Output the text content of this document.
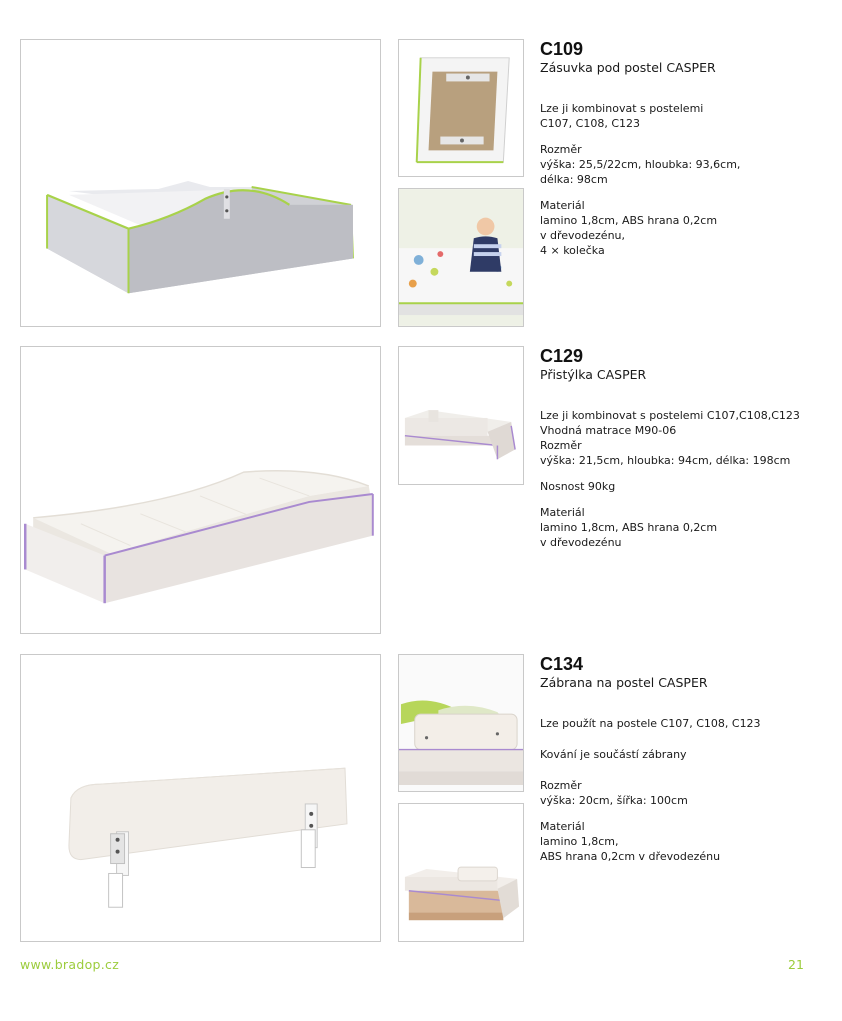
C109
Zásuvka pod postel CASPER

Lze ji kombinovat s postelemi
C107, C108, C123

Rozměr
výška: 25,5/22cm, hloubka: 93,6cm,
délka: 98cm

Materiál
lamino 1,8cm, ABS hrana 0,2cm
v dřevodezénu,
4 × kolečka

C129
Přistýlka CASPER

Lze ji kombinovat s postelemi C107,C108,C123
Vhodná matrace M90-06
Rozměr
výška: 21,5cm, hloubka: 94cm, délka: 198cm

Nosnost 90kg

Materiál
lamino 1,8cm, ABS hrana 0,2cm
v dřevodezénu

C134
Zábrana na postel CASPER

Lze použít na postele C107, C108, C123

Kování je součástí zábrany

Rozměr
výška: 20cm, šířka: 100cm

Materiál
lamino 1,8cm,
ABS hrana 0,2cm v dřevodezénu

www.bradop.cz	21
